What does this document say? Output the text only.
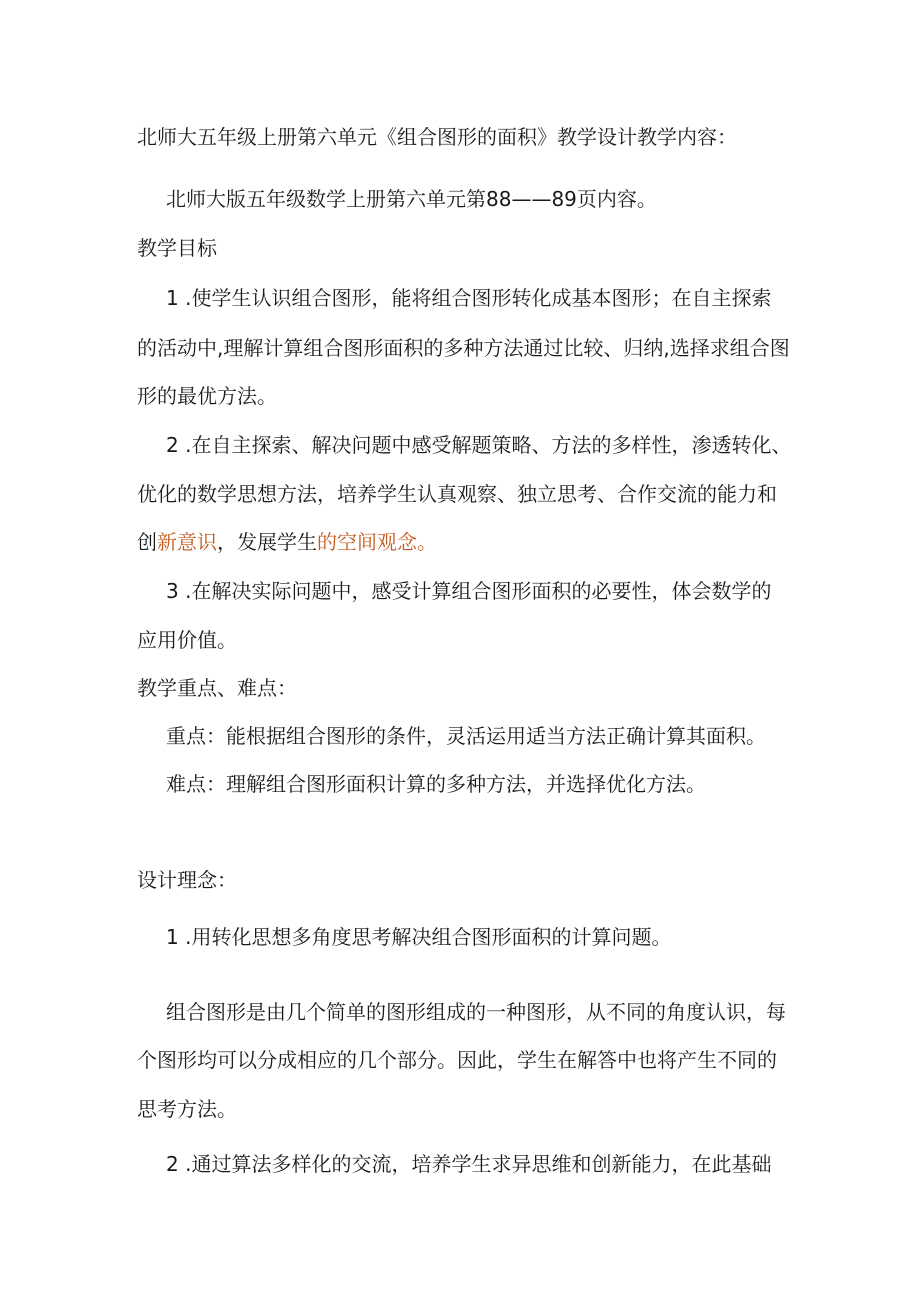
北师大五年级上册第六单元《组合图形的面积》教学设计教学内容：
北师大版五年级数学上册第六单元第88——89页内容。
教学目标
1 .使学生认识组合图形，能将组合图形转化成基本图形；在自主探索
的活动中,理解计算组合图形面积的多种方法通过比较、归纳,选择求组合图
形的最优方法。
2 .在自主探索、解决问题中感受解题策略、方法的多样性，渗透转化、
优化的数学思想方法，培养学生认真观察、独立思考、合作交流的能力和
创新意识，发展学生的空间观念。
3 .在解决实际问题中，感受计算组合图形面积的必要性，体会数学的
应用价值。
教学重点、难点：
重点：能根据组合图形的条件，灵活运用适当方法正确计算其面积。
难点：理解组合图形面积计算的多种方法，并选择优化方法。
设计理念：
1 .用转化思想多角度思考解决组合图形面积的计算问题。
组合图形是由几个简单的图形组成的一种图形，从不同的角度认识，每
个图形均可以分成相应的几个部分。因此，学生在解答中也将产生不同的
思考方法。
2 .通过算法多样化的交流，培养学生求异思维和创新能力，在此基础
